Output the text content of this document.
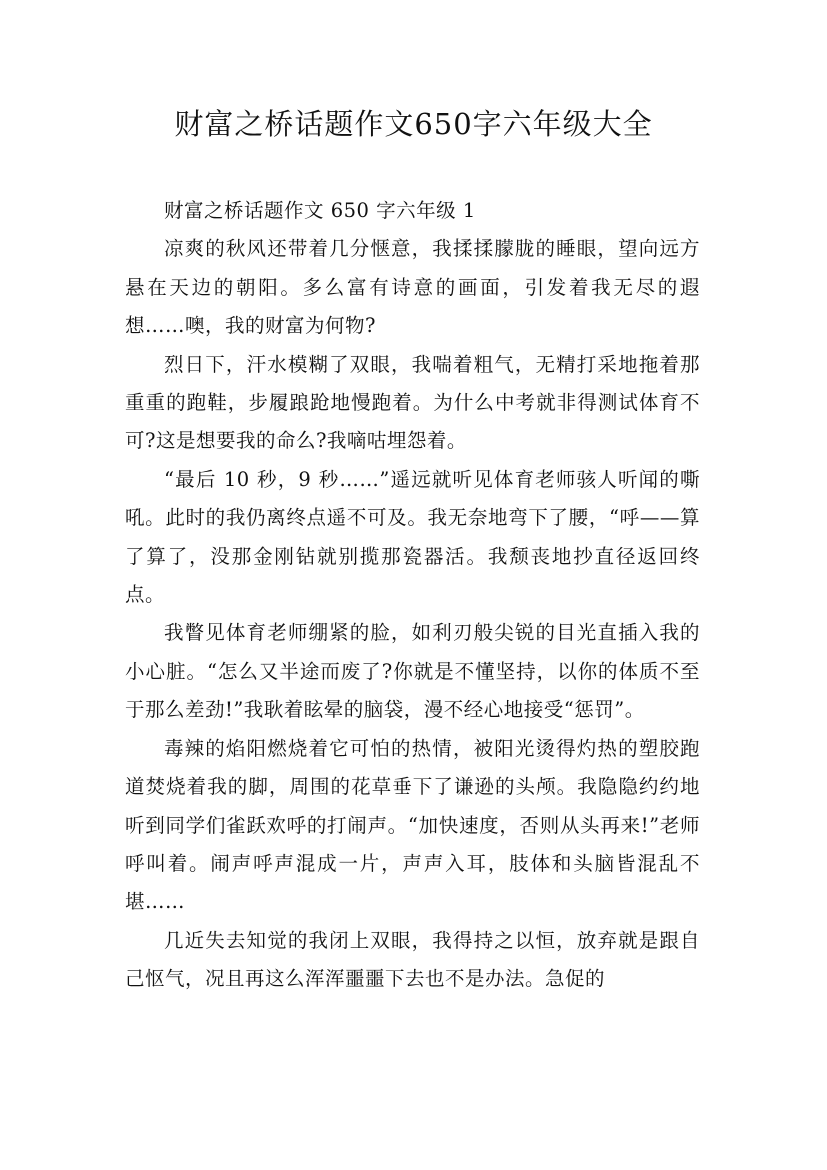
财富之桥话题作文650字六年级大全

财富之桥话题作文 650 字六年级 1

凉爽的秋风还带着几分惬意，我揉揉朦胧的睡眼，望向远方悬在天边的朝阳。多么富有诗意的画面，引发着我无尽的遐想……噢，我的财富为何物?

烈日下，汗水模糊了双眼，我喘着粗气，无精打采地拖着那重重的跑鞋，步履踉跄地慢跑着。为什么中考就非得测试体育不可?这是想要我的命么?我嘀咕埋怨着。

“最后 10 秒，9 秒……”遥远就听见体育老师骇人听闻的嘶吼。此时的我仍离终点遥不可及。我无奈地弯下了腰，“呼——算了算了，没那金刚钻就别揽那瓷器活。我颓丧地抄直径返回终点。

我瞥见体育老师绷紧的脸，如利刃般尖锐的目光直插入我的小心脏。“怎么又半途而废了?你就是不懂坚持，以你的体质不至于那么差劲!”我耿着眩晕的脑袋，漫不经心地接受“惩罚”。

毒辣的焰阳燃烧着它可怕的热情，被阳光烫得灼热的塑胶跑道焚烧着我的脚，周围的花草垂下了谦逊的头颅。我隐隐约约地听到同学们雀跃欢呼的打闹声。“加快速度，否则从头再来!”老师呼叫着。闹声呼声混成一片，声声入耳，肢体和头脑皆混乱不堪……

几近失去知觉的我闭上双眼，我得持之以恒，放弃就是跟自己怄气，况且再这么浑浑噩噩下去也不是办法。急促的
